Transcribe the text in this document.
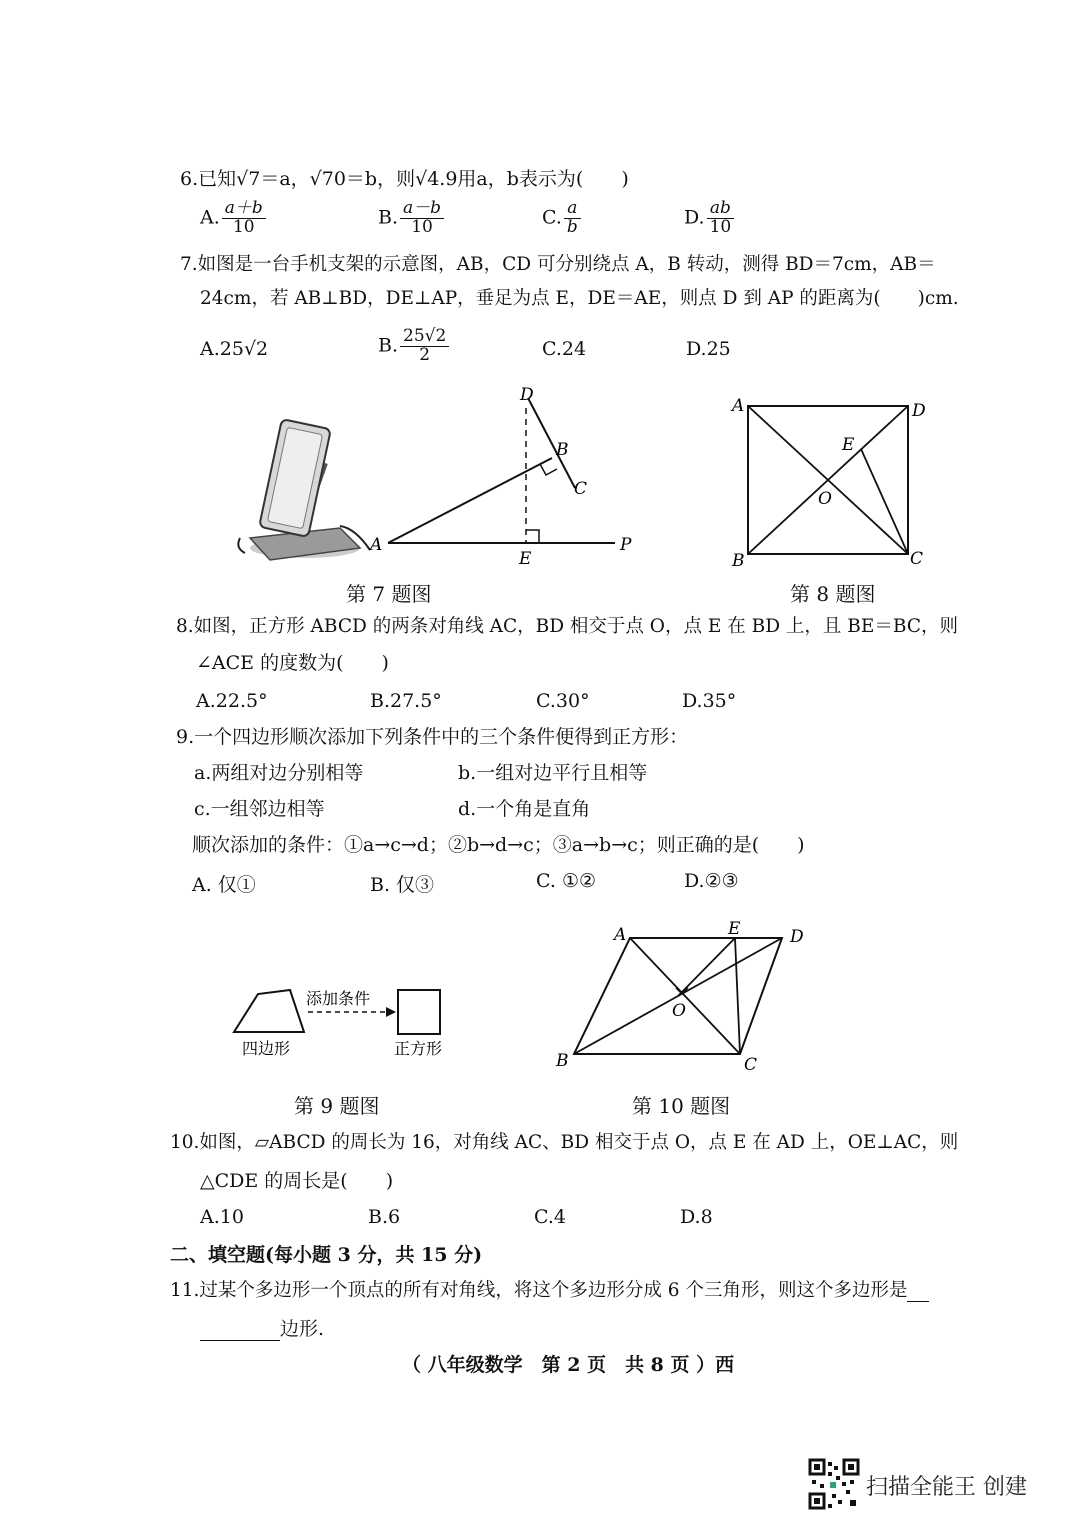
6.已知√7＝a，√70＝b，则√4.9用a，b表示为(　　)
A. $\frac{a+b}{10}$	B. $\frac{a-b}{10}$	C. $\frac{a}{b}$	D. $\frac{ab}{10}$
7.如图是一台手机支架的示意图，AB，CD 可分别绕点 A，B 转动，测得 BD＝7cm，AB＝
24cm，若 AB⊥BD，DE⊥AP，垂足为点 E，DE＝AE，则点 D 到 AP 的距离为(　　)cm.
A.25√2	B. $\frac{25√2}{2}$	C.24	D.25
A
D
B
C
E
P
第 7 题图
A	D
B	C
E
O
第 8 题图
8.如图，正方形 ABCD 的两条对角线 AC，BD 相交于点 O，点 E 在 BD 上，且 BE＝BC，则
∠ACE 的度数为(　　)
A.22.5°	B.27.5°	C.30°	D.35°
9.一个四边形顺次添加下列条件中的三个条件便得到正方形：
a.两组对边分别相等	b.一组对边平行且相等
c.一组邻边相等	d.一个角是直角
顺次添加的条件：①a→c→d；②b→d→c；③a→b→c；则正确的是(　　)
A. 仅①	B. 仅③	C. ①②	D.②③
添加条件
四边形	正方形
第 9 题图
A	E	D
O
B	C
第 10 题图
10.如图，▱ABCD 的周长为 16，对角线 AC、BD 相交于点 O，点 E 在 AD 上，OE⊥AC，则
△CDE 的周长是(　　)
A.10	B.6	C.4	D.8
二、填空题(每小题 3 分，共 15 分)
11.过某个多边形一个顶点的所有对角线，将这个多边形分成 6 个三角形，则这个多边形是
边形.
（ 八年级数学　第 2 页　共 8 页 ）西
扫描全能王 创建
